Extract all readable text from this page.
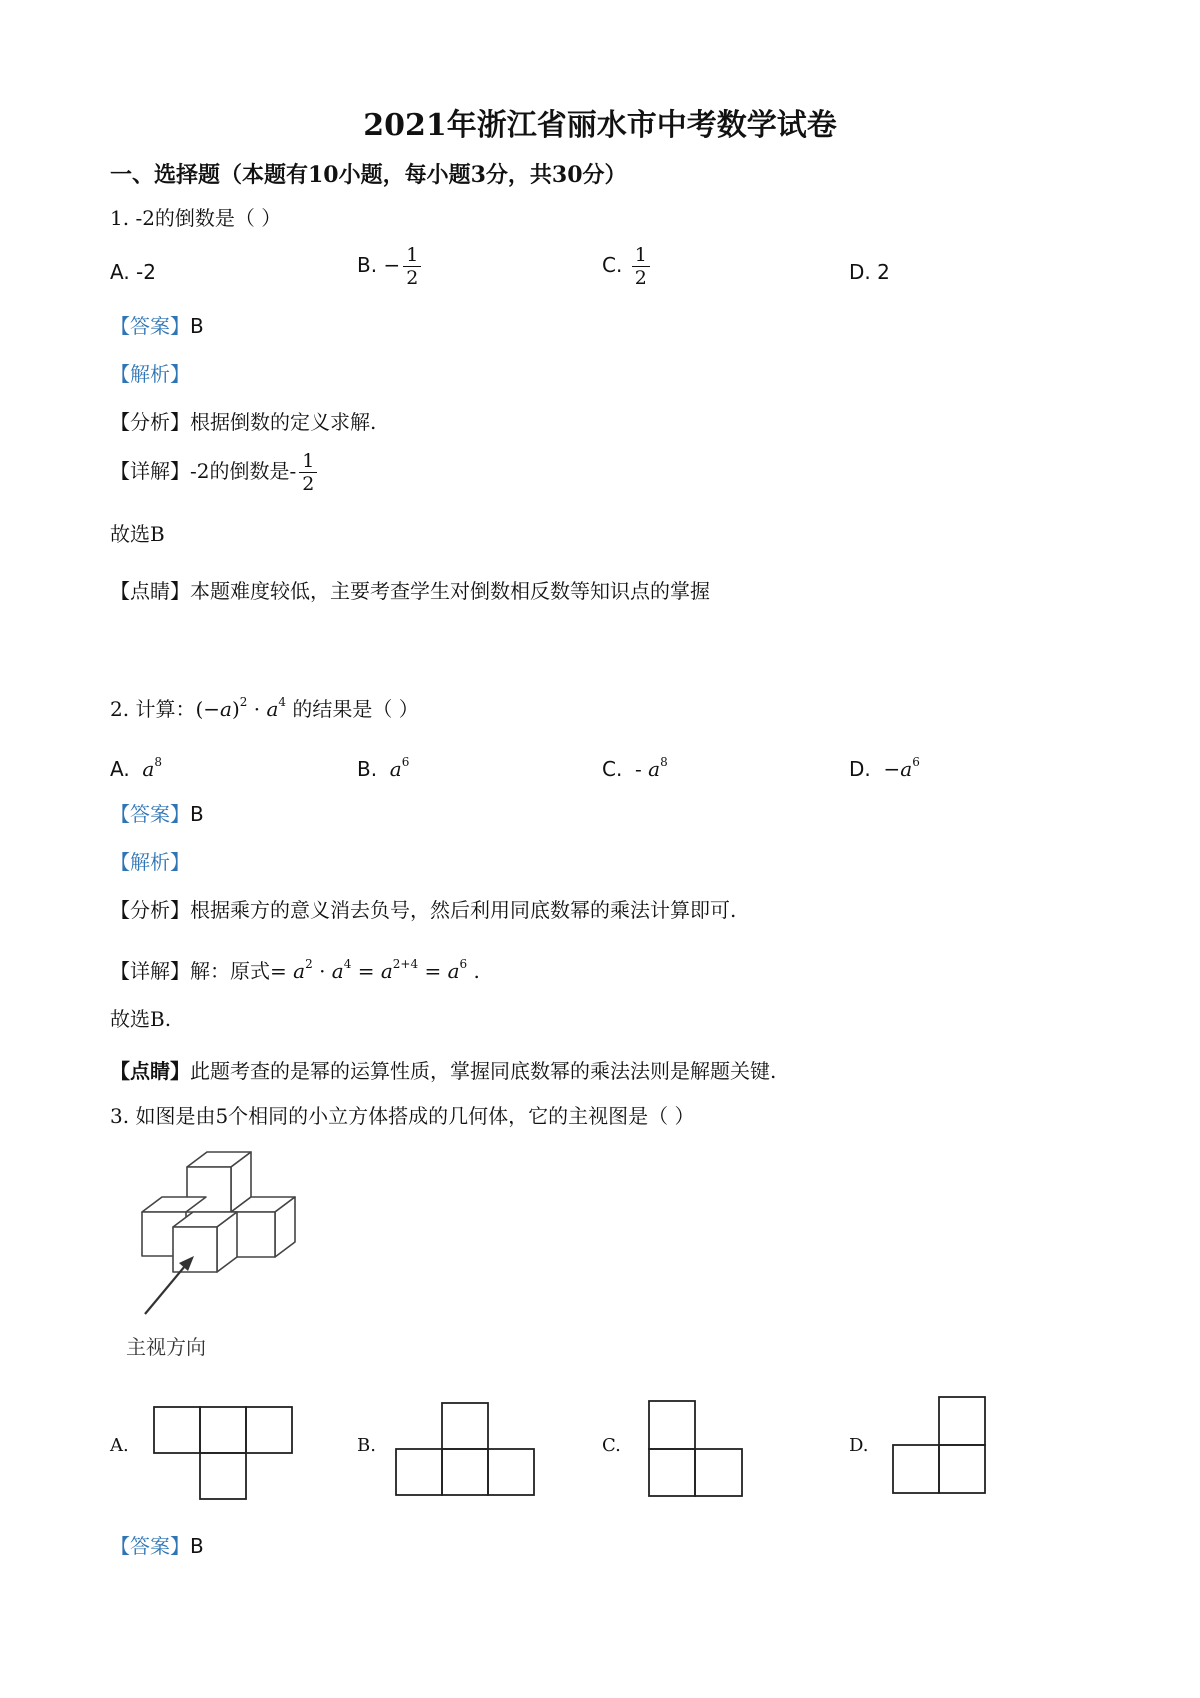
2021年浙江省丽水市中考数学试卷
一、选择题（本题有10小题，每小题3分，共30分）
1. -2的倒数是（ ）
A. -2	B. − $\frac{1}{2}$	C. $\frac{1}{2}$	D. 2
【答案】B
【解析】
【分析】根据倒数的定义求解.
【详解】-2的倒数是- $\frac{1}{2}$
故选B
【点睛】本题难度较低，主要考查学生对倒数相反数等知识点的掌握
2. 计算：$(-a)^2 \cdot a^4$ 的结果是（ ）
A. $a^8$	B. $a^6$	C. - $a^8$	D. $-a^6$
【答案】B
【解析】
【分析】根据乘方的意义消去负号，然后利用同底数幂的乘法计算即可.
【详解】解：原式= $a^2 \cdot a^4 = a^{2+4} = a^6$ .
故选B.
【点睛】此题考查的是幂的运算性质，掌握同底数幂的乘法法则是解题关键.
3. 如图是由5个相同的小立方体搭成的几何体，它的主视图是（ ）
主视方向
A.	B.	C.	D.
【答案】B
